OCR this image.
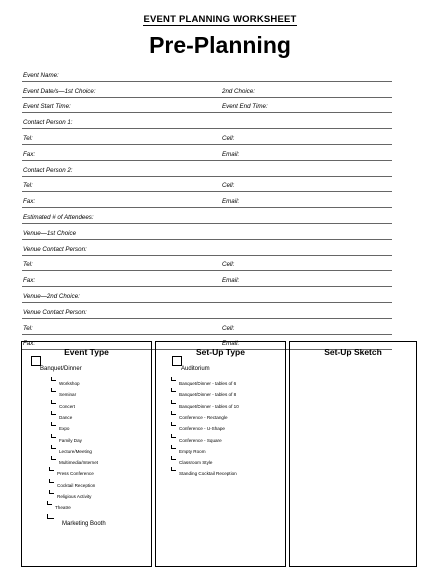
EVENT PLANNING WORKSHEET
Pre-Planning
Event Name:
Event Date/s—1st Choice:	2nd Choice:
Event Start Time:	Event End Time:
Contact Person 1:
Tel:	Cell:
Fax:	Email:
Contact Person 2:
Tel:	Cell:
Fax:	Email:
Estimated # of Attendees:
Venue—1st Choice
Venue Contact Person:
Tel:	Cell:
Fax:	Email:
Venue—2nd Choice:
Venue Contact Person:
Tel:	Cell:
Fax:	Email:
Event Type	Set-Up Type	Set-Up Sketch
Banquet/Dinner
Workshop
Seminar
Concert
Dance
Expo
Family Day
Lecture/Meeting
Multimedia/Internet
Press Conference
Cocktail Reception
Religious Activity
Theatre
Marketing Booth
Auditorium
Banquet/Dinner - tables of 6
Banquet/Dinner - tables of 8
Banquet/Dinner - tables of 10
Conference - Rectangle
Conference - U-Shape
Conference - Square
Empty Room
Classroom Style
Standing Cocktail Reception
